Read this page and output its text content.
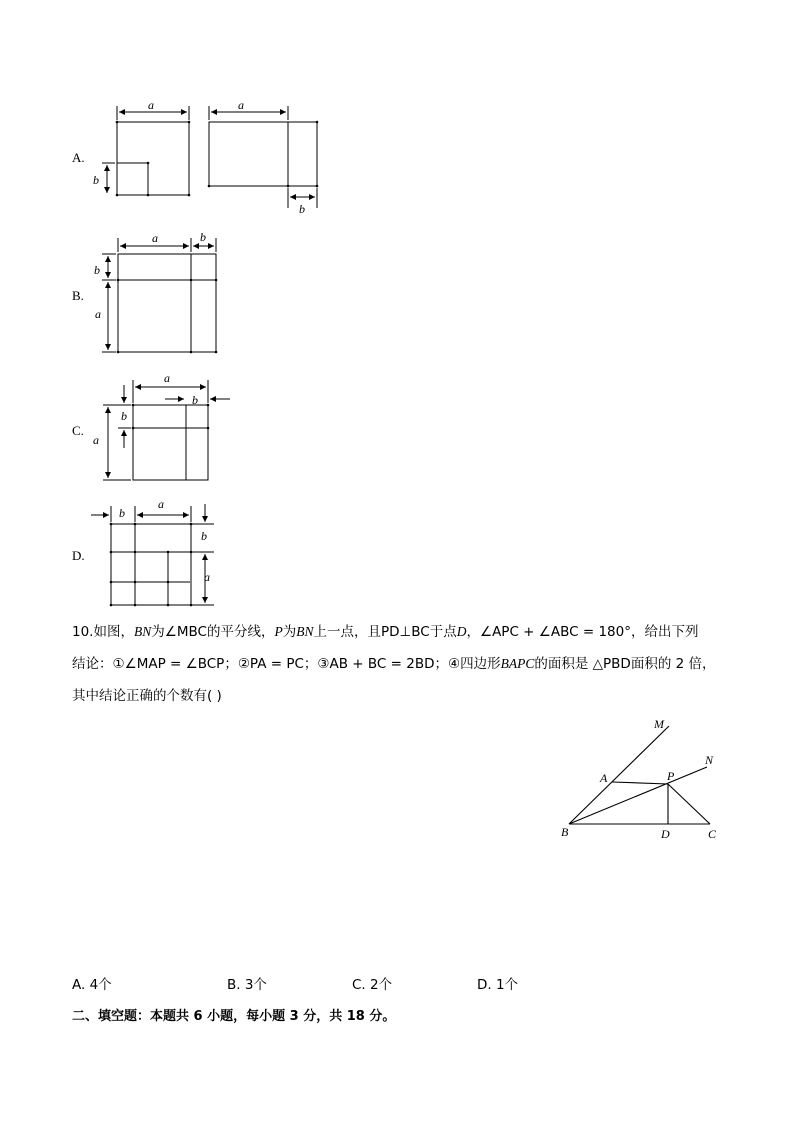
A.
a
b
a
b
B.
a	b
b
a
C.
a
b
b
a
D.
b
a
b
a
10.如图，BN为∠MBC的平分线，P为BN上一点，且PD⊥BC于点D，∠APC + ∠ABC = 180°，给出下列
结论：①∠MAP = ∠BCP；②PA = PC；③AB + BC = 2BD；④四边形BAPC的面积是 △PBD面积的 2 倍，
其中结论正确的个数有( )
M
N
A	P
B	D	C
A. 4个	B. 3个	C. 2个	D. 1个
二、填空题：本题共 6 小题，每小题 3 分，共 18 分。
